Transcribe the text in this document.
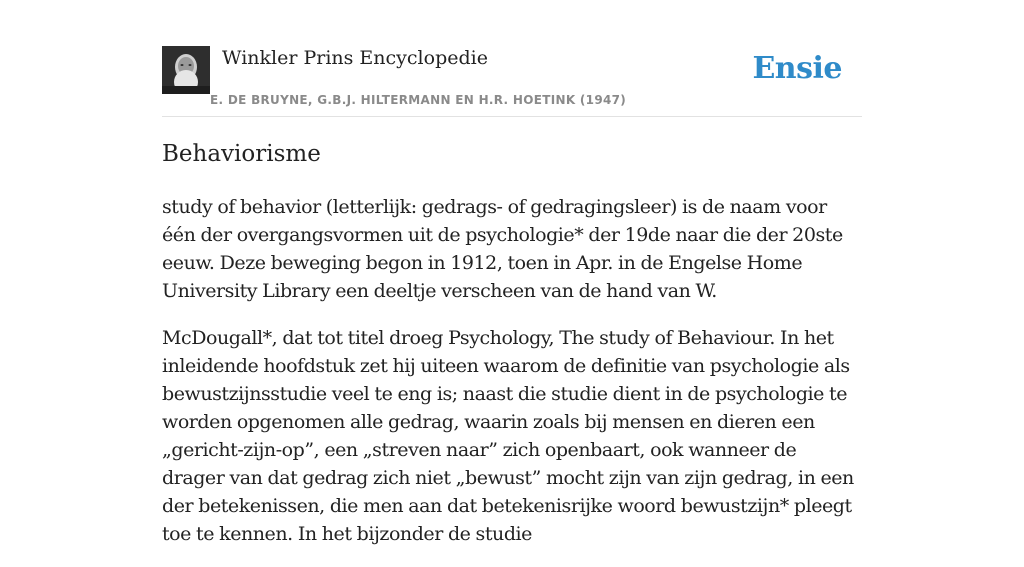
Winkler Prins Encyclopedie
E. DE BRUYNE, G.B.J. HILTERMANN EN H.R. HOETINK (1947)
Ensie
Behaviorisme

study of behavior (letterlijk: gedrags- of gedragingsleer) is de naam voor één der overgangsvormen uit de psychologie* der 19de naar die der 20ste eeuw. Deze beweging begon in 1912, toen in Apr. in de Engelse Home University Library een deeltje verscheen van de hand van W.

McDougall*, dat tot titel droeg Psychology, The study of Behaviour. In het inleidende hoofdstuk zet hij uiteen waarom de definitie van psychologie als bewustzijnsstudie veel te eng is; naast die studie dient in de psychologie te worden opgenomen alle gedrag, waarin zoals bij mensen en dieren een „gericht-zijn-op”, een „streven naar” zich openbaart, ook wanneer de drager van dat gedrag zich niet „bewust” mocht zijn van zijn gedrag, in een der betekenissen, die men aan dat betekenisrijke woord bewustzijn* pleegt toe te kennen. In het bijzonder de studie
